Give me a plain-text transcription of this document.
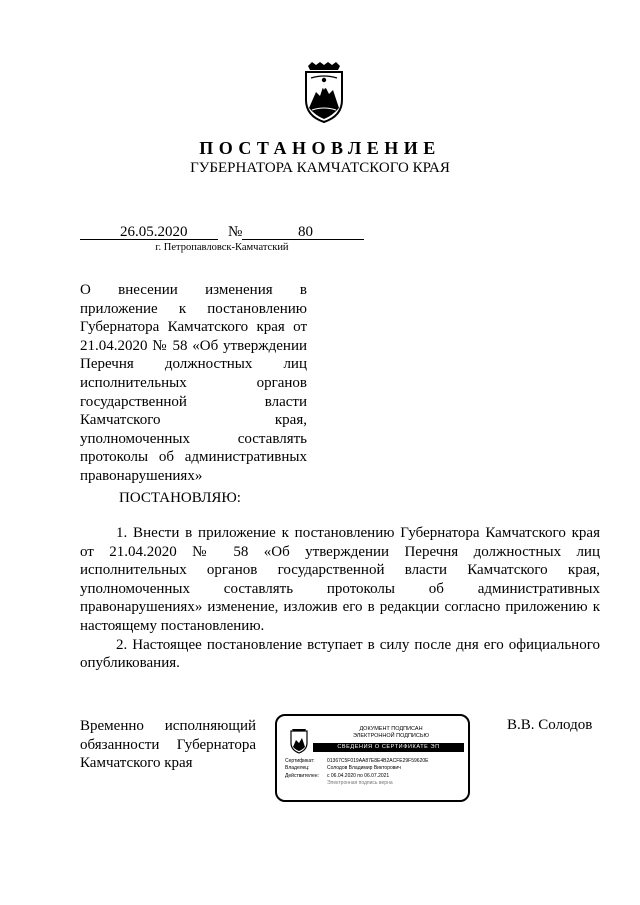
ПОСТАНОВЛЕНИЕ
ГУБЕРНАТОРА КАМЧАТСКОГО КРАЯ
26.05.2020	№	80
г. Петропавловск-Камчатский
О внесении изменения в
приложение к постановлению
Губернатора Камчатского края от
21.04.2020 № 58 «Об утверждении
Перечня должностных лиц
исполнительных органов
государственной власти
Камчатского края,
уполномоченных составлять
протоколы об административных
правонарушениях»
ПОСТАНОВЛЯЮ:

1. Внести в приложение к постановлению Губернатора Камчатского края от 21.04.2020 № 58 «Об утверждении Перечня должностных лиц исполнительных органов государственной власти Камчатского края, уполномоченных составлять протоколы об административных правонарушениях» изменение, изложив его в редакции согласно приложению к настоящему постановлению.

2. Настоящее постановление вступает в силу после дня его официального опубликования.

Временно исполняющий
обязанности Губернатора
Камчатского края
В.В. Солодов
ДОКУМЕНТ ПОДПИСАН
ЭЛЕКТРОННОЙ ПОДПИСЬЮ
СВЕДЕНИЯ О СЕРТИФИКАТЕ ЭП
Сертификат:	01367C5F019AA87E8E4B2ACFE29F59620E
Владелец:	Солодов Владимир Викторович
Действителен:	с 06.04.2020 по 06.07.2021
Электронная подпись верна
